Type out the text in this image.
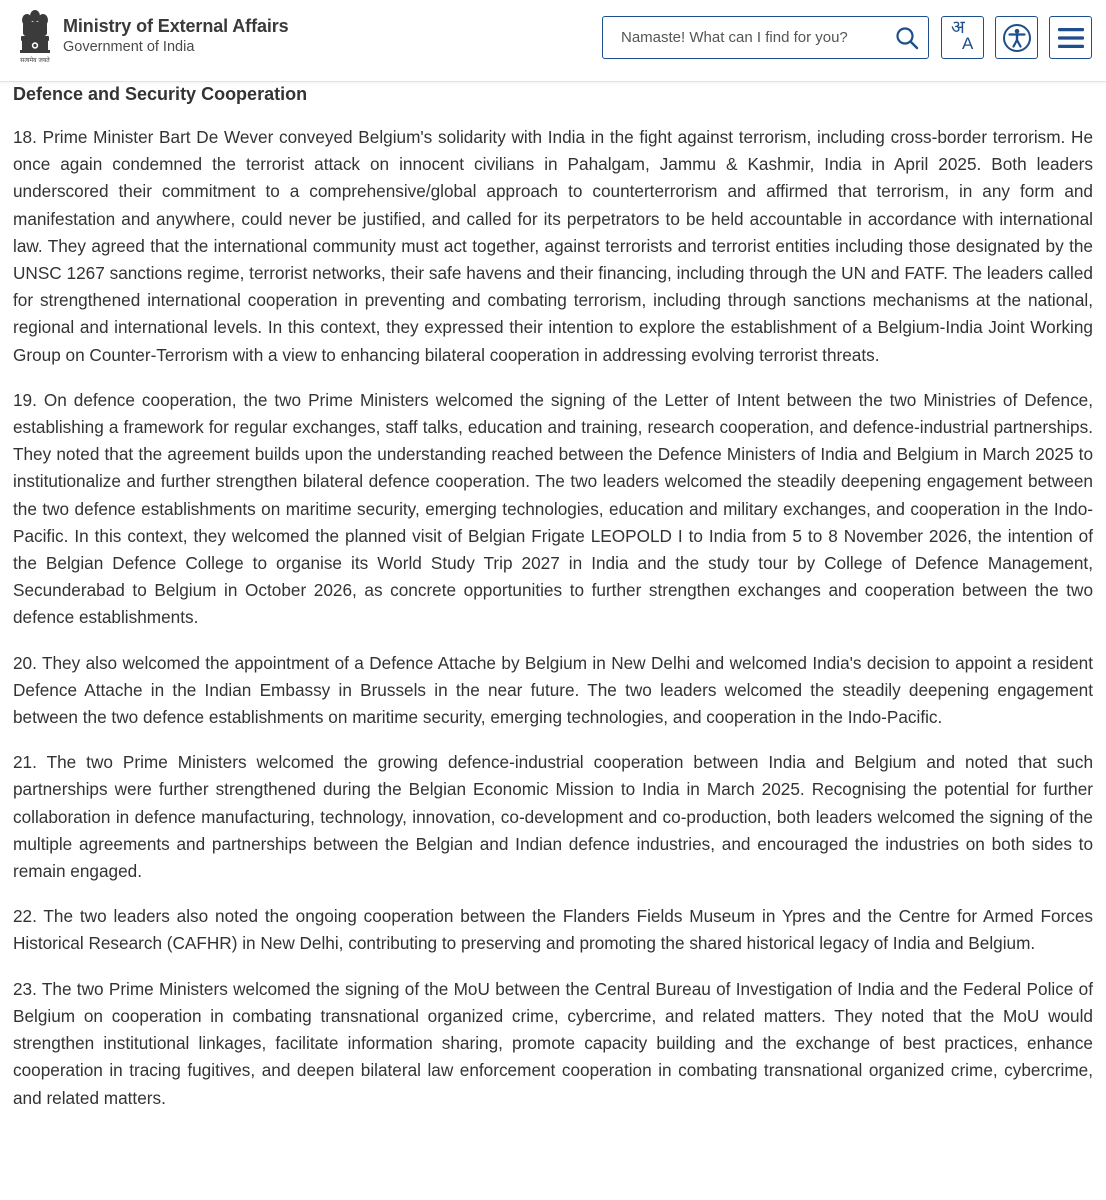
सत्यमेव जयते
Ministry of External Affairs
Government of India
Namaste! What can I find for you?
अ
A
Defence and Security Cooperation

18. Prime Minister Bart De Wever conveyed Belgium's solidarity with India in the fight against terrorism, including cross-border terrorism. He once again condemned the terrorist attack on innocent civilians in Pahalgam, Jammu & Kashmir, India in April 2025. Both leaders underscored their commitment to a comprehensive/global approach to counterterrorism and affirmed that terrorism, in any form and manifestation and anywhere, could never be justified, and called for its perpetrators to be held accountable in accordance with international law. They agreed that the international community must act together, against terrorists and terrorist entities including those designated by the UNSC 1267 sanctions regime, terrorist networks, their safe havens and their financing, including through the UN and FATF. The leaders called for strengthened international cooperation in preventing and combating terrorism, including through sanctions mechanisms at the national, regional and international levels. In this context, they expressed their intention to explore the establishment of a Belgium-India Joint Working Group on Counter-Terrorism with a view to enhancing bilateral cooperation in addressing evolving terrorist threats.

19. On defence cooperation, the two Prime Ministers welcomed the signing of the Letter of Intent between the two Ministries of Defence, establishing a framework for regular exchanges, staff talks, education and training, research cooperation, and defence-industrial partnerships. They noted that the agreement builds upon the understanding reached between the Defence Ministers of India and Belgium in March 2025 to institutionalize and further strengthen bilateral defence cooperation. The two leaders welcomed the steadily deepening engagement between the two defence establishments on maritime security, emerging technologies, education and military exchanges, and cooperation in the Indo-Pacific. In this context, they welcomed the planned visit of Belgian Frigate LEOPOLD I to India from 5 to 8 November 2026, the intention of the Belgian Defence College to organise its World Study Trip 2027 in India and the study tour by College of Defence Management, Secunderabad to Belgium in October 2026, as concrete opportunities to further strengthen exchanges and cooperation between the two defence establishments.

20. They also welcomed the appointment of a Defence Attache by Belgium in New Delhi and welcomed India's decision to appoint a resident Defence Attache in the Indian Embassy in Brussels in the near future. The two leaders welcomed the steadily deepening engagement between the two defence establishments on maritime security, emerging technologies, and cooperation in the Indo-Pacific.

21. The two Prime Ministers welcomed the growing defence-industrial cooperation between India and Belgium and noted that such partnerships were further strengthened during the Belgian Economic Mission to India in March 2025. Recognising the potential for further collaboration in defence manufacturing, technology, innovation, co-development and co-production, both leaders welcomed the signing of the multiple agreements and partnerships between the Belgian and Indian defence industries, and encouraged the industries on both sides to remain engaged.

22. The two leaders also noted the ongoing cooperation between the Flanders Fields Museum in Ypres and the Centre for Armed Forces Historical Research (CAFHR) in New Delhi, contributing to preserving and promoting the shared historical legacy of India and Belgium.

23. The two Prime Ministers welcomed the signing of the MoU between the Central Bureau of Investigation of India and the Federal Police of Belgium on cooperation in combating transnational organized crime, cybercrime, and related matters. They noted that the MoU would strengthen institutional linkages, facilitate information sharing, promote capacity building and the exchange of best practices, enhance cooperation in tracing fugitives, and deepen bilateral law enforcement cooperation in combating transnational organized crime, cybercrime, and related matters.
